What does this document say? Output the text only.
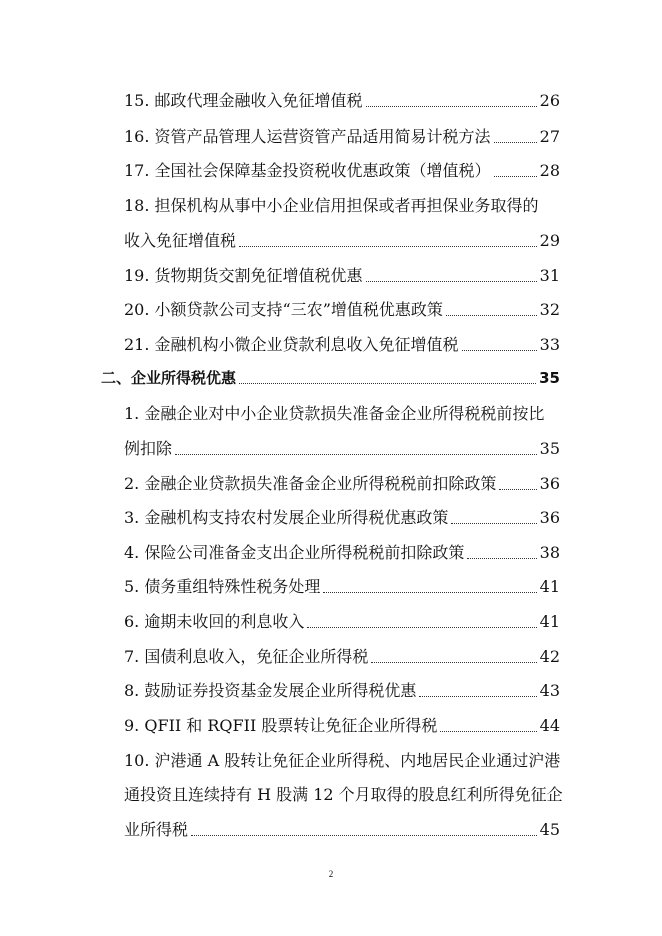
15. 邮政代理金融收入免征增值税	26
16. 资管产品管理人运营资管产品适用简易计税方法	27
17. 全国社会保障基金投资税收优惠政策（增值税）	28
18. 担保机构从事中小企业信用担保或者再担保业务取得的
收入免征增值税	29
19. 货物期货交割免征增值税优惠	31
20. 小额贷款公司支持“三农”增值税优惠政策	32
21. 金融机构小微企业贷款利息收入免征增值税	33
二、企业所得税优惠	35
1. 金融企业对中小企业贷款损失准备金企业所得税税前按比
例扣除	35
2. 金融企业贷款损失准备金企业所得税税前扣除政策	36
3. 金融机构支持农村发展企业所得税优惠政策	36
4. 保险公司准备金支出企业所得税税前扣除政策	38
5. 债务重组特殊性税务处理	41
6. 逾期未收回的利息收入	41
7. 国债利息收入，免征企业所得税	42
8. 鼓励证券投资基金发展企业所得税优惠	43
9. QFII 和 RQFII 股票转让免征企业所得税	44
10. 沪港通 A 股转让免征企业所得税、内地居民企业通过沪港
通投资且连续持有 H 股满 12 个月取得的股息红利所得免征企
业所得税	45
2
